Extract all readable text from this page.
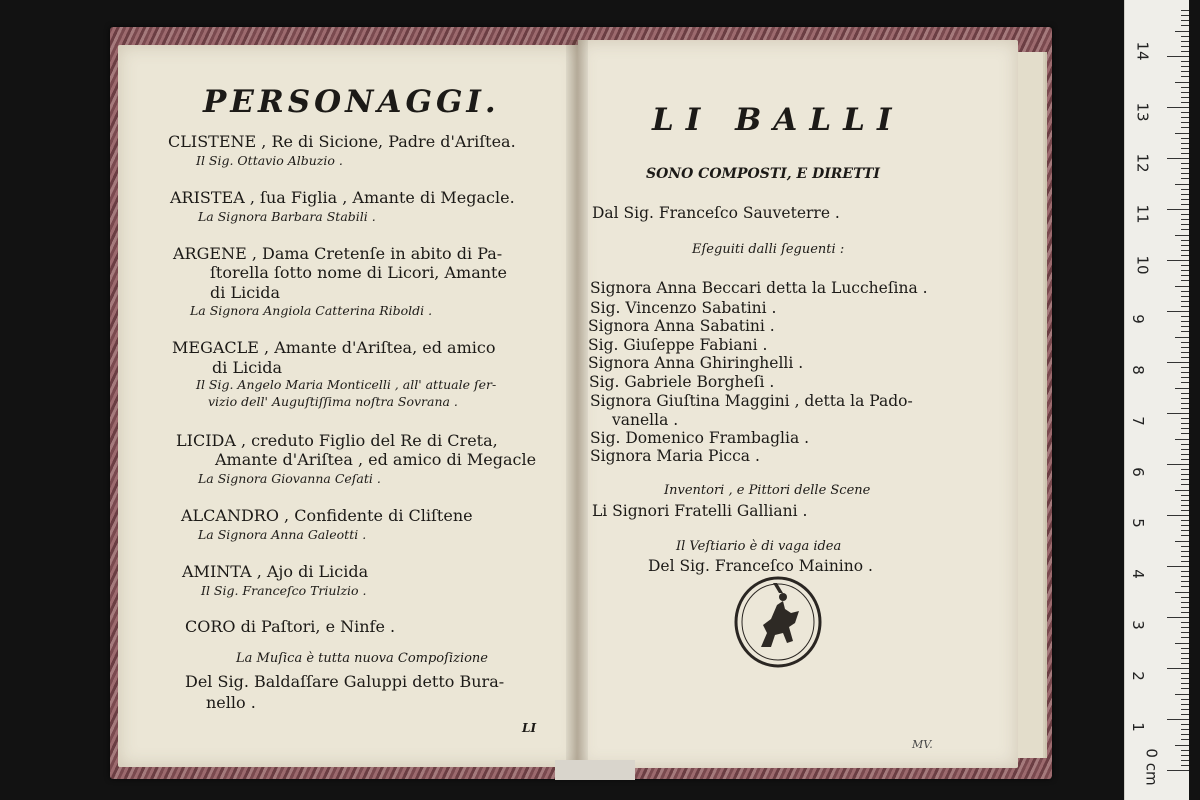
PERSONAGGI.
CLISTENE , Re di Sicione, Padre d'Ariſtea.
Il Sig. Ottavio Albuzio .
ARISTEA , ſua Figlia , Amante di Megacle.
La Signora Barbara Stabili .
ARGENE , Dama Cretenſe in abito di Pa-
ſtorella ſotto nome di Licori, Amante
di Licida
La Signora Angiola Catterina Riboldi .
MEGACLE , Amante d'Ariſtea, ed amico
di Licida
Il Sig. Angelo Maria Monticelli , all' attuale ſer-
vizio dell' Auguſtiſſima noſtra Sovrana .
LICIDA , creduto Figlio del Re di Creta,
Amante d'Ariſtea , ed amico di Megacle
La Signora Giovanna Ceſati .
ALCANDRO , Confidente di Cliſtene
La Signora Anna Galeotti .
AMINTA , Ajo di Licida
Il Sig. Franceſco Triulzio .
CORO di Paſtori, e Ninfe .
La Muſica è tutta nuova Compoſizione
Del Sig. Baldaſſare Galuppi detto Bura-
nello .
LI
LI BALLI
SONO COMPOSTI, E DIRETTI
Dal Sig. Franceſco Sauveterre .
Eſeguiti dalli ſeguenti :
Signora Anna Beccari detta la Luccheſina .
Sig. Vincenzo Sabatini .
Signora Anna Sabatini .
Sig. Giuſeppe Fabiani .
Signora Anna Ghiringhelli .
Sig. Gabriele Borgheſi .
Signora Giuſtina Maggini , detta la Pado-
vanella .
Sig. Domenico Frambaglia .
Signora Maria Picca .
Inventori , e Pittori delle Scene
Li Signori Fratelli Galliani .
Il Veſtiario è di vaga idea
Del Sig. Franceſco Mainino .
MV.
0 cm
1
2
3
4
5
6
7
8
9
10
11
12
13
14
